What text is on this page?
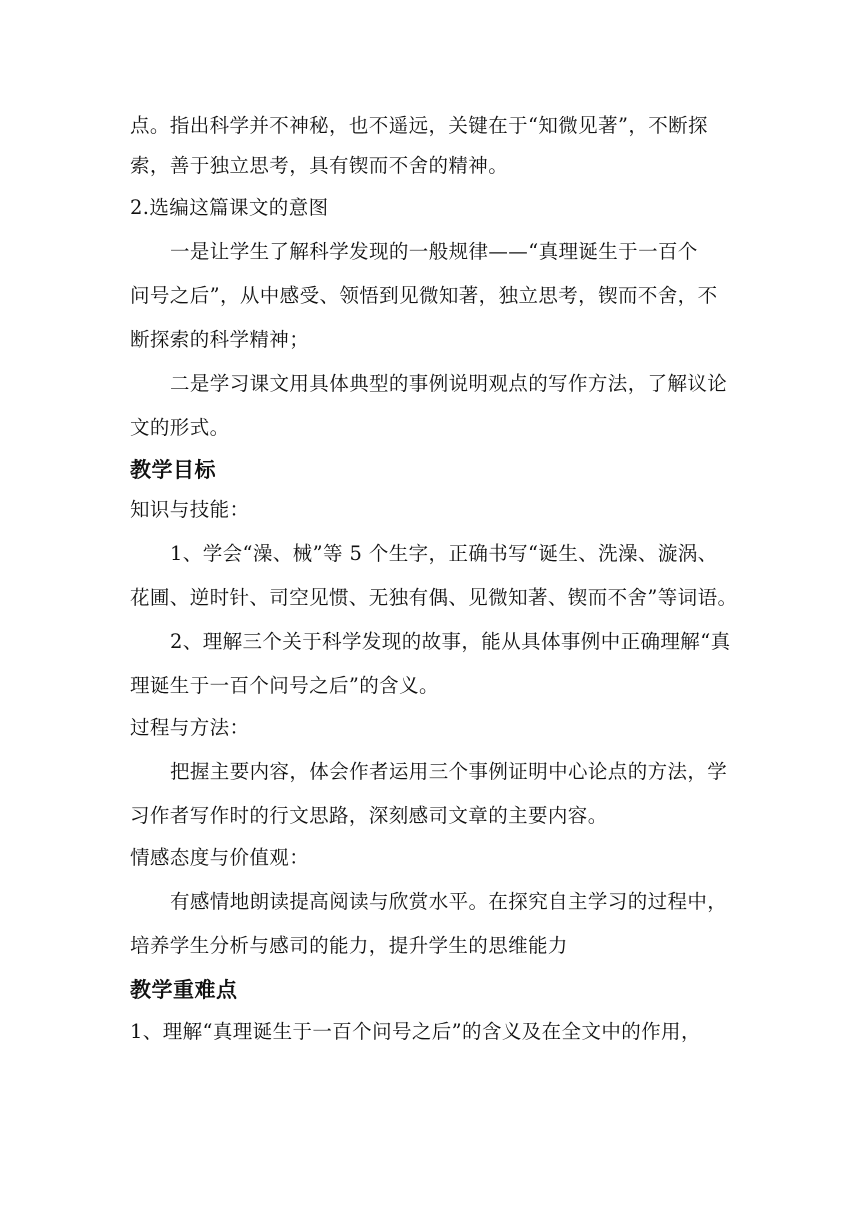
点。指出科学并不神秘，也不遥远，关键在于“知微见著”，不断探
索，善于独立思考，具有锲而不舍的精神。
2.选编这篇课文的意图
一是让学生了解科学发现的一般规律——“真理诞生于一百个
问号之后”，从中感受、领悟到见微知著，独立思考，锲而不舍，不
断探索的科学精神；
二是学习课文用具体典型的事例说明观点的写作方法，了解议论
文的形式。
教学目标
知识与技能：
1、学会“澡、械”等 5 个生字，正确书写“诞生、洗澡、漩涡、
花圃、逆时针、司空见惯、无独有偶、见微知著、锲而不舍”等词语。
2、理解三个关于科学发现的故事，能从具体事例中正确理解“真
理诞生于一百个问号之后”的含义。
过程与方法：
把握主要内容，体会作者运用三个事例证明中心论点的方法，学
习作者写作时的行文思路，深刻感司文章的主要内容。
情感态度与价值观：
有感情地朗读提高阅读与欣赏水平。在探究自主学习的过程中，
培养学生分析与感司的能力，提升学生的思维能力
教学重难点
1、理解“真理诞生于一百个问号之后”的含义及在全文中的作用，
